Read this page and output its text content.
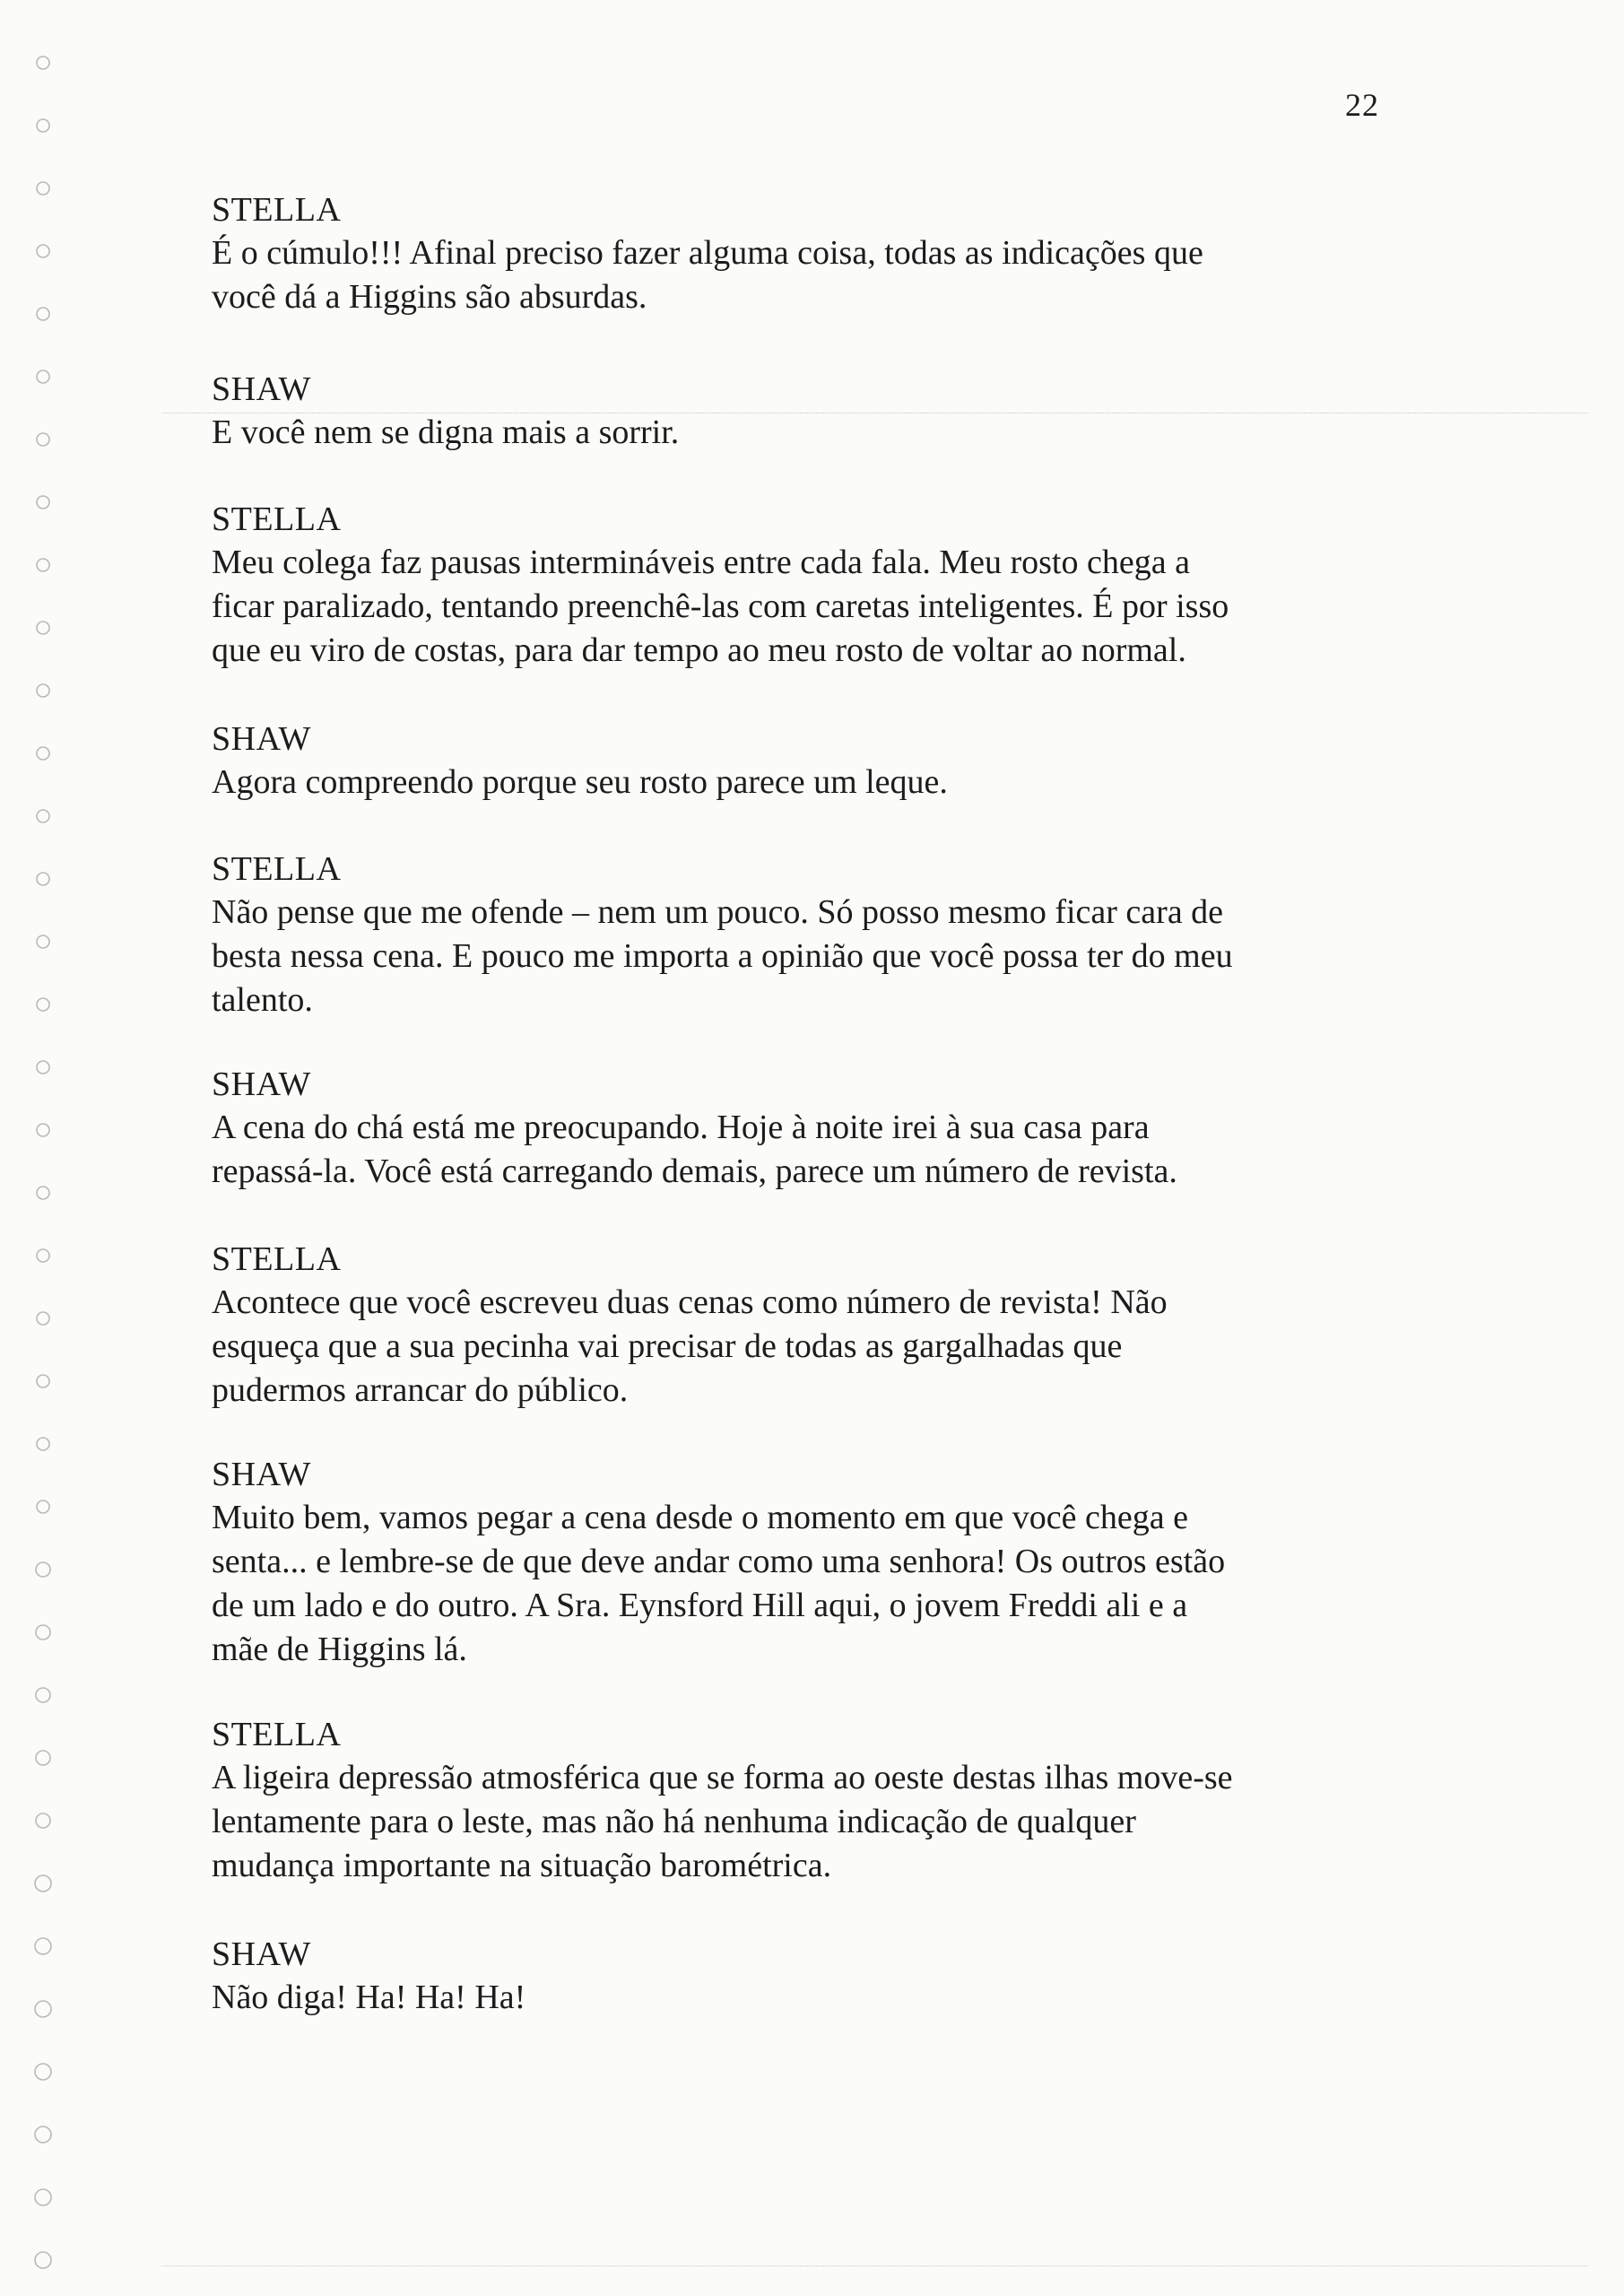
22
STELLA
É o cúmulo!!! Afinal preciso fazer alguma coisa, todas as indicações que
você dá a Higgins são absurdas.
SHAW
E você nem se digna mais a sorrir.
STELLA
Meu colega faz pausas intermináveis entre cada fala. Meu rosto chega a
ficar paralizado, tentando preenchê-las com caretas inteligentes. É por isso
que eu viro de costas, para dar tempo ao meu rosto de voltar ao normal.
SHAW
Agora compreendo porque seu rosto parece um leque.
STELLA
Não pense que me ofende – nem um pouco. Só posso mesmo ficar cara de
besta nessa cena. E pouco me importa a opinião que você possa ter do meu
talento.
SHAW
A cena do chá está me preocupando. Hoje à noite irei à sua casa para
repassá-la. Você está carregando demais, parece um número de revista.
STELLA
Acontece que você escreveu duas cenas como número de revista! Não
esqueça que a sua pecinha vai precisar de todas as gargalhadas que
pudermos arrancar do público.
SHAW
Muito bem, vamos pegar a cena desde o momento em que você chega e
senta... e lembre-se de que deve andar como uma senhora! Os outros estão
de um lado e do outro. A Sra. Eynsford Hill aqui, o jovem Freddi ali e a
mãe de Higgins lá.
STELLA
A ligeira depressão atmosférica que se forma ao oeste destas ilhas move-se
lentamente para o leste, mas não há nenhuma indicação de qualquer
mudança importante na situação barométrica.
SHAW
Não diga! Ha! Ha! Ha!
